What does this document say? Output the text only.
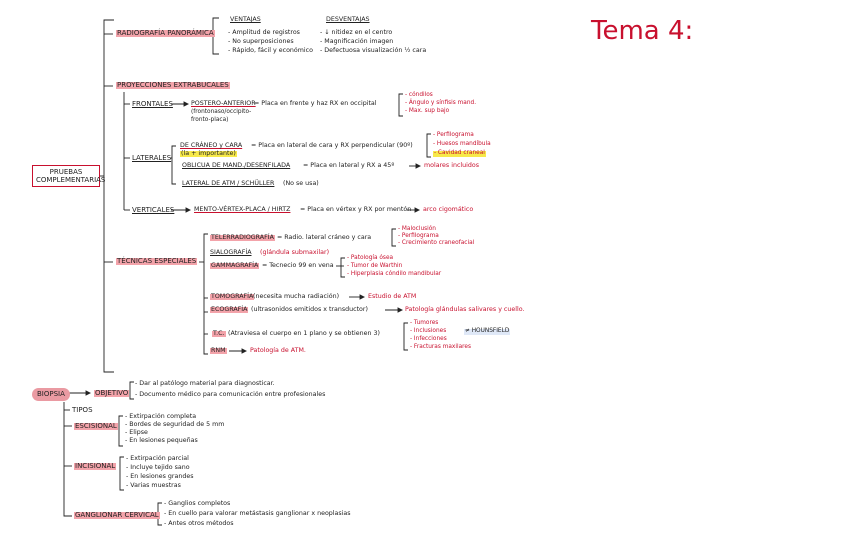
Tema 4:
PRUEBAS COMPLEMENTARIAS
RADIOGRAFÍA PANORÁMICA
VENTAJAS	DESVENTAJAS
- Amplitud de registros
- No superposiciones
- Rápido, fácil y económico
- ↓ nitidez en el centro
- Magnificación imagen
- Defectuosa visualización ½ cara
PROYECCIONES EXTRABUCALES
FRONTALES	POSTERO-ANTERIOR
= Placa en frente y haz RX en occipital
(frontonaso/occipito-
fronto-placa)
- cóndilos
- Ángulo y sínfisis mand.
- Max. sup bajo
LATERALES
DE CRÁNEO y CARA = Placa en lateral de cara y RX perpendicular (90º)
(la + importante)
- Perfilograma
- Huesos mandíbula
- Cavidad craneal
OBLICUA DE MAND./DESENFILADA = Placa en lateral y RX a 45º	molares incluidos
LATERAL DE ATM / SCHÜLLER (No se usa)
VERTICALES	MENTO-VÉRTEX-PLACA / HIRTZ = Placa en vértex y RX por mentón arco cigomático
TÉCNICAS ESPECIALES
TELERRADIOGRAFÍA = Radio. lateral cráneo y cara
- Maloclusión
- Perfilograma
- Crecimiento craneofacial
SIALOGRAFÍA (glándula submaxilar)
GAMMAGRAFÍA = Tecnecio 99 en vena
- Patología ósea
- Tumor de Warthin
- Hiperplasia cóndilo mandibular
TOMOGRAFÍA (necesita mucha radiación)	Estudio de ATM
ECOGRAFÍA (ultrasonidos emitidos x transductor)	Patología glándulas salivares y cuello.
T.C. (Atraviesa el cuerpo en 1 plano y se obtienen 3)
- Tumores
- Inclusiones
- Infecciones
- Fracturas maxilares
≠ HOUNSFIELD
RNM	Patología de ATM.
BIOPSIA	OBJETIVO
- Dar al patólogo material para diagnosticar.
- Documento médico para comunicación entre profesionales
TIPOS
ESCISIONAL
- Extirpación completa
- Bordes de seguridad de 5 mm
- Elipse
- En lesiones pequeñas
INCISIONAL
- Extirpación parcial
- Incluye tejido sano
- En lesiones grandes
- Varias muestras
GANGLIONAR CERVICAL
- Ganglios completos
- En cuello para valorar metástasis ganglionar x neoplasias
- Antes otros métodos
